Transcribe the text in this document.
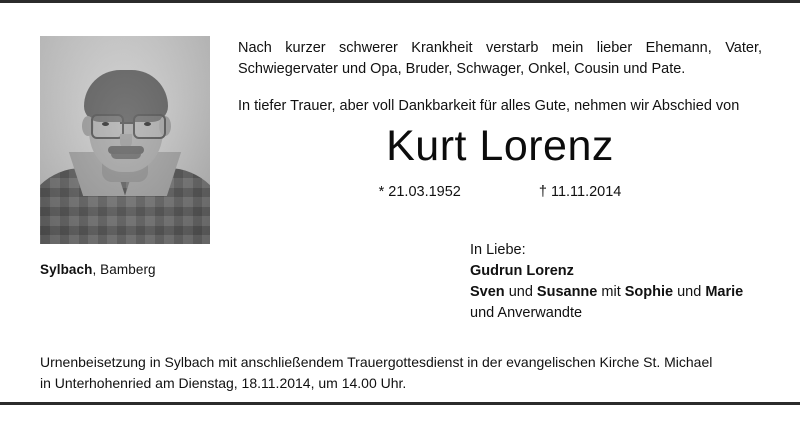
Sylbach, Bamberg

Nach kurzer schwerer Krankheit verstarb mein lieber Ehemann, Vater, Schwiegervater und Opa, Bruder, Schwager, Onkel, Cousin und Pate.

In tiefer Trauer, aber voll Dankbarkeit für alles Gute, nehmen wir Abschied von

Kurt Lorenz
* 21.03.1952	† 11.11.2014
In Liebe:
Gudrun Lorenz
Sven und Susanne mit Sophie und Marie
und Anverwandte

Urnenbeisetzung in Sylbach mit anschließendem Trauergottesdienst in der evangelischen Kirche St. Michael

in Unterhohenried am Dienstag, 18.11.2014, um 14.00 Uhr.
